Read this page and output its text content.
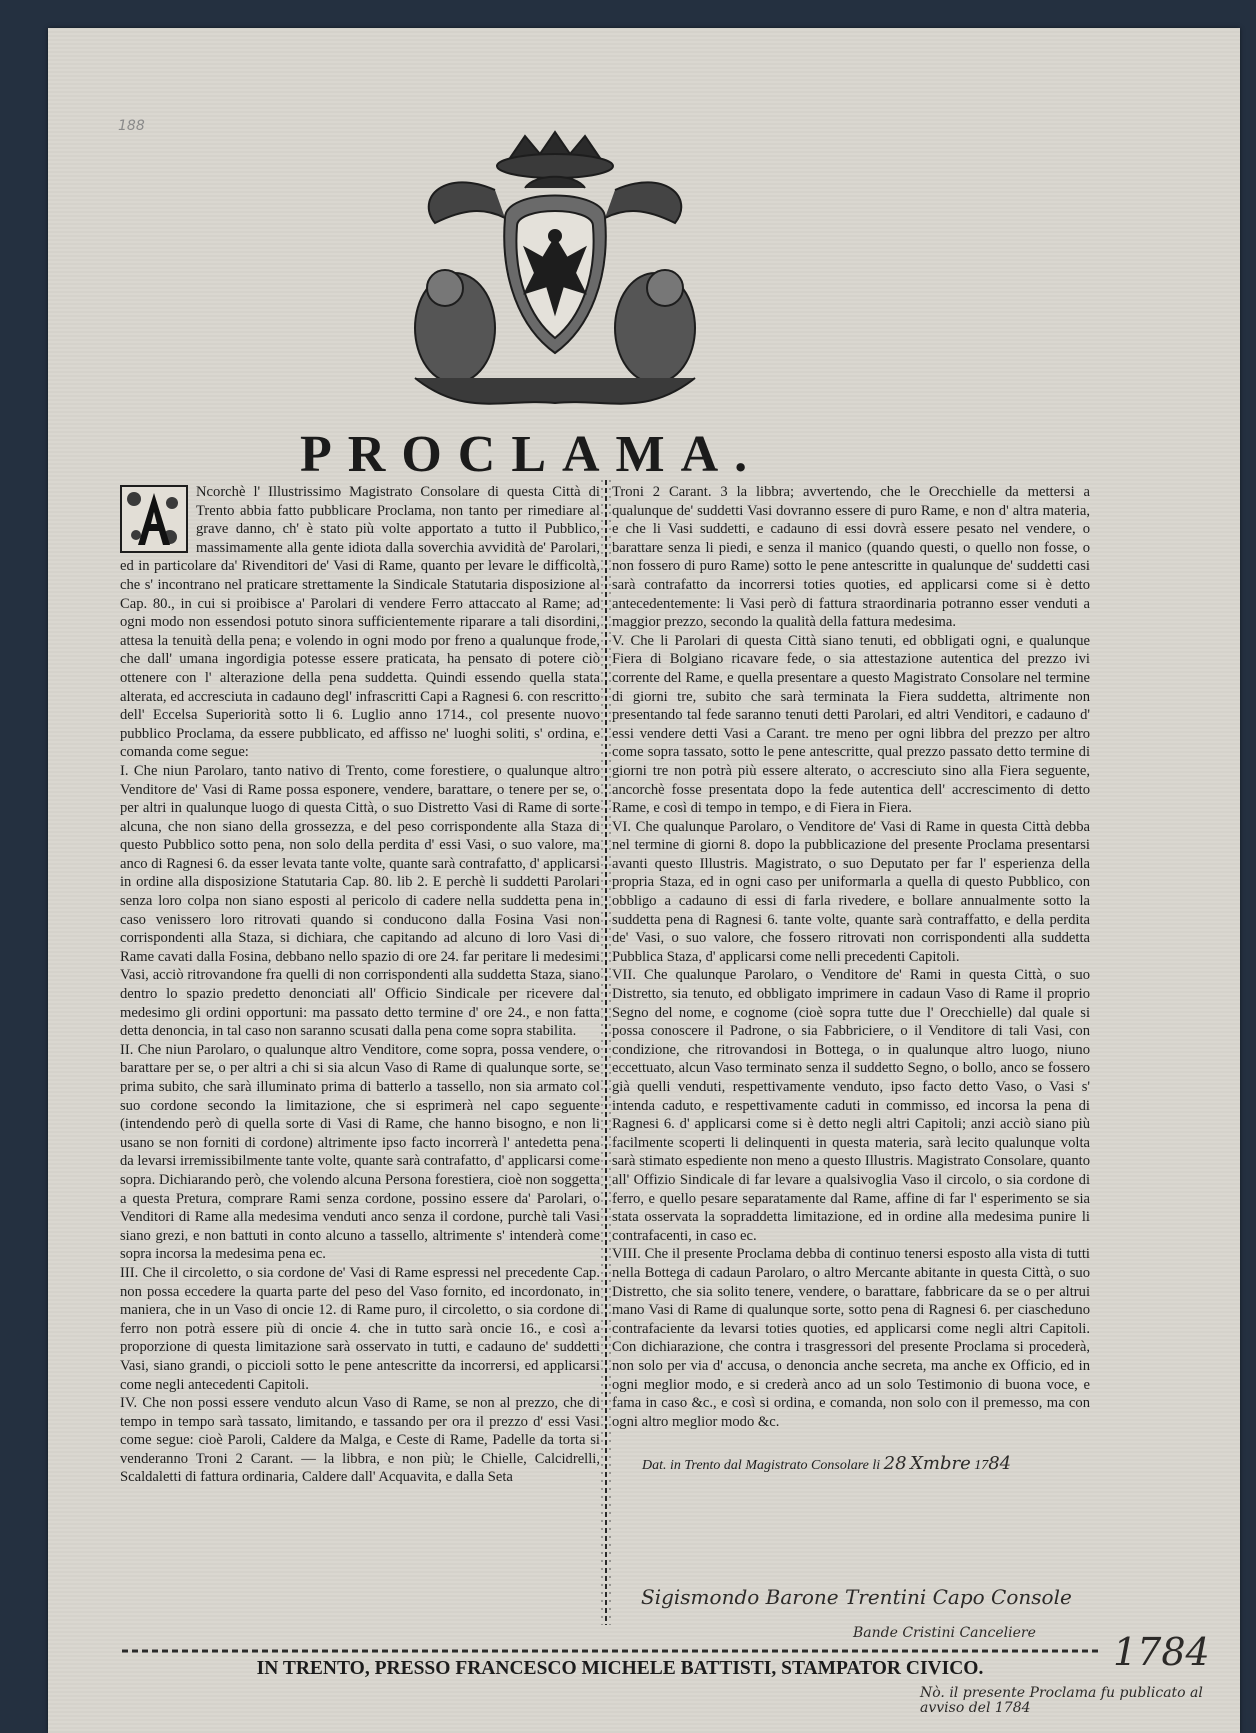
188
PROCLAMA.

Ncorchè l' Illustrissimo Magistrato Consolare di questa Città di Trento abbia fatto pubblicare Proclama, non tanto per rimediare al grave danno, ch' è stato più volte apportato a tutto il Pubblico, massimamente alla gente idiota dalla soverchia avvidità de' Parolari, ed in particolare da' Rivenditori de' Vasi di Rame, quanto per levare le difficoltà, che s' incontrano nel praticare strettamente la Sindicale Statutaria disposizione al Cap. 80., in cui si proibisce a' Parolari di vendere Ferro attaccato al Rame; ad ogni modo non essendosi potuto sinora sufficientemente riparare a tali disordini, attesa la tenuità della pena; e volendo in ogni modo por freno a qualunque frode, che dall' umana ingordigia potesse essere praticata, ha pensato di potere ciò ottenere con l' alterazione della pena suddetta. Quindi essendo quella stata alterata, ed accresciuta in cadauno degl' infrascritti Capi a Ragnesi 6. con rescritto dell' Eccelsa Superiorità sotto li 6. Luglio anno 1714., col presente nuovo pubblico Proclama, da essere pubblicato, ed affisso ne' luoghi soliti, s' ordina, e comanda come segue:

I. Che niun Parolaro, tanto nativo di Trento, come forestiere, o qualunque altro Venditore de' Vasi di Rame possa esponere, vendere, barattare, o tenere per se, o per altri in qualunque luogo di questa Città, o suo Distretto Vasi di Rame di sorte alcuna, che non siano della grossezza, e del peso corrispondente alla Staza di questo Pubblico sotto pena, non solo della perdita d' essi Vasi, o suo valore, ma anco di Ragnesi 6. da esser levata tante volte, quante sarà contrafatto, d' applicarsi in ordine alla disposizione Statutaria Cap. 80. lib 2. E perchè li suddetti Parolari senza loro colpa non siano esposti al pericolo di cadere nella suddetta pena in caso venissero loro ritrovati quando si conducono dalla Fosina Vasi non corrispondenti alla Staza, si dichiara, che capitando ad alcuno di loro Vasi di Rame cavati dalla Fosina, debbano nello spazio di ore 24. far peritare li medesimi Vasi, acciò ritrovandone fra quelli di non corrispondenti alla suddetta Staza, siano dentro lo spazio predetto denonciati all' Officio Sindicale per ricevere dal medesimo gli ordini opportuni: ma passato detto termine d' ore 24., e non fatta detta denoncia, in tal caso non saranno scusati dalla pena come sopra stabilita.

II. Che niun Parolaro, o qualunque altro Venditore, come sopra, possa vendere, o barattare per se, o per altri a chi si sia alcun Vaso di Rame di qualunque sorte, se prima subito, che sarà illuminato prima di batterlo a tassello, non sia armato col suo cordone secondo la limitazione, che si esprimerà nel capo seguente (intendendo però di quella sorte di Vasi di Rame, che hanno bisogno, e non li usano se non forniti di cordone) altrimente ipso facto incorrerà l' antedetta pena da levarsi irremissibilmente tante volte, quante sarà contrafatto, d' applicarsi come sopra. Dichiarando però, che volendo alcuna Persona forestiera, cioè non soggetta a questa Pretura, comprare Rami senza cordone, possino essere da' Parolari, o Venditori di Rame alla medesima venduti anco senza il cordone, purchè tali Vasi siano grezi, e non battuti in conto alcuno a tassello, altrimente s' intenderà come sopra incorsa la medesima pena ec.

III. Che il circoletto, o sia cordone de' Vasi di Rame espressi nel precedente Cap. non possa eccedere la quarta parte del peso del Vaso fornito, ed incordonato, in maniera, che in un Vaso di oncie 12. di Rame puro, il circoletto, o sia cordone di ferro non potrà essere più di oncie 4. che in tutto sarà oncie 16., e così a proporzione di questa limitazione sarà osservato in tutti, e cadauno de' suddetti Vasi, siano grandi, o piccioli sotto le pene antescritte da incorrersi, ed applicarsi come negli antecedenti Capitoli.

IV. Che non possi essere venduto alcun Vaso di Rame, se non al prezzo, che di tempo in tempo sarà tassato, limitando, e tassando per ora il prezzo d' essi Vasi come segue: cioè Paroli, Caldere da Malga, e Ceste di Rame, Padelle da torta si venderanno Troni 2 Carant. — la libbra, e non più; le Chielle, Calcidrelli, Scaldaletti di fattura ordinaria, Caldere dall' Acquavita, e dalla Seta

Troni 2 Carant. 3 la libbra; avvertendo, che le Orecchielle da mettersi a qualunque de' suddetti Vasi dovranno essere di puro Rame, e non d' altra materia, e che li Vasi suddetti, e cadauno di essi dovrà essere pesato nel vendere, o barattare senza li piedi, e senza il manico (quando questi, o quello non fosse, o non fossero di puro Rame) sotto le pene antescritte in qualunque de' suddetti casi sarà contrafatto da incorrersi toties quoties, ed applicarsi come si è detto antecedentemente: li Vasi però di fattura straordinaria potranno esser venduti a maggior prezzo, secondo la qualità della fattura medesima.

V. Che li Parolari di questa Città siano tenuti, ed obbligati ogni, e qualunque Fiera di Bolgiano ricavare fede, o sia attestazione autentica del prezzo ivi corrente del Rame, e quella presentare a questo Magistrato Consolare nel termine di giorni tre, subito che sarà terminata la Fiera suddetta, altrimente non presentando tal fede saranno tenuti detti Parolari, ed altri Venditori, e cadauno d' essi vendere detti Vasi a Carant. tre meno per ogni libbra del prezzo per altro come sopra tassato, sotto le pene antescritte, qual prezzo passato detto termine di giorni tre non potrà più essere alterato, o accresciuto sino alla Fiera seguente, ancorchè fosse presentata dopo la fede autentica dell' accrescimento di detto Rame, e così di tempo in tempo, e di Fiera in Fiera.

VI. Che qualunque Parolaro, o Venditore de' Vasi di Rame in questa Città debba nel termine di giorni 8. dopo la pubblicazione del presente Proclama presentarsi avanti questo Illustris. Magistrato, o suo Deputato per far l' esperienza della propria Staza, ed in ogni caso per uniformarla a quella di questo Pubblico, con obbligo a cadauno di essi di farla rivedere, e bollare annualmente sotto la suddetta pena di Ragnesi 6. tante volte, quante sarà contraffatto, e della perdita de' Vasi, o suo valore, che fossero ritrovati non corrispondenti alla suddetta Pubblica Staza, d' applicarsi come nelli precedenti Capitoli.

VII. Che qualunque Parolaro, o Venditore de' Rami in questa Città, o suo Distretto, sia tenuto, ed obbligato imprimere in cadaun Vaso di Rame il proprio Segno del nome, e cognome (cioè sopra tutte due l' Orecchielle) dal quale si possa conoscere il Padrone, o sia Fabbriciere, o il Venditore di tali Vasi, con condizione, che ritrovandosi in Bottega, o in qualunque altro luogo, niuno eccettuato, alcun Vaso terminato senza il suddetto Segno, o bollo, anco se fossero già quelli venduti, respettivamente venduto, ipso facto detto Vaso, o Vasi s' intenda caduto, e respettivamente caduti in commisso, ed incorsa la pena di Ragnesi 6. d' applicarsi come si è detto negli altri Capitoli; anzi acciò siano più facilmente scoperti li delinquenti in questa materia, sarà lecito qualunque volta sarà stimato espediente non meno a questo Illustris. Magistrato Consolare, quanto all' Offizio Sindicale di far levare a qualsivoglia Vaso il circolo, o sia cordone di ferro, e quello pesare separatamente dal Rame, affine di far l' esperimento se sia stata osservata la sopraddetta limitazione, ed in ordine alla medesima punire li contrafacenti, in caso ec.

VIII. Che il presente Proclama debba di continuo tenersi esposto alla vista di tutti nella Bottega di cadaun Parolaro, o altro Mercante abitante in questa Città, o suo Distretto, che sia solito tenere, vendere, o barattare, fabbricare da se o per altrui mano Vasi di Rame di qualunque sorte, sotto pena di Ragnesi 6. per ciascheduno contrafaciente da levarsi toties quoties, ed applicarsi come negli altri Capitoli. Con dichiarazione, che contra i trasgressori del presente Proclama si procederà, non solo per via d' accusa, o denoncia anche secreta, ma anche ex Officio, ed in ogni meglior modo, e si crederà anco ad un solo Testimonio di buona voce, e fama in caso &c., e così si ordina, e comanda, non solo con il premesso, ma con ogni altro meglior modo &c.

Dat. in Trento dal Magistrato Consolare li 28 Xmbre 1784
Sigismondo Barone Trentini Capo Console
Bande Cristini Canceliere 1784
IN TRENTO, PRESSO FRANCESCO MICHELE BATTISTI, STAMPATOR CIVICO.
Nò. il presente Proclama fu publicato al avviso del 1784
